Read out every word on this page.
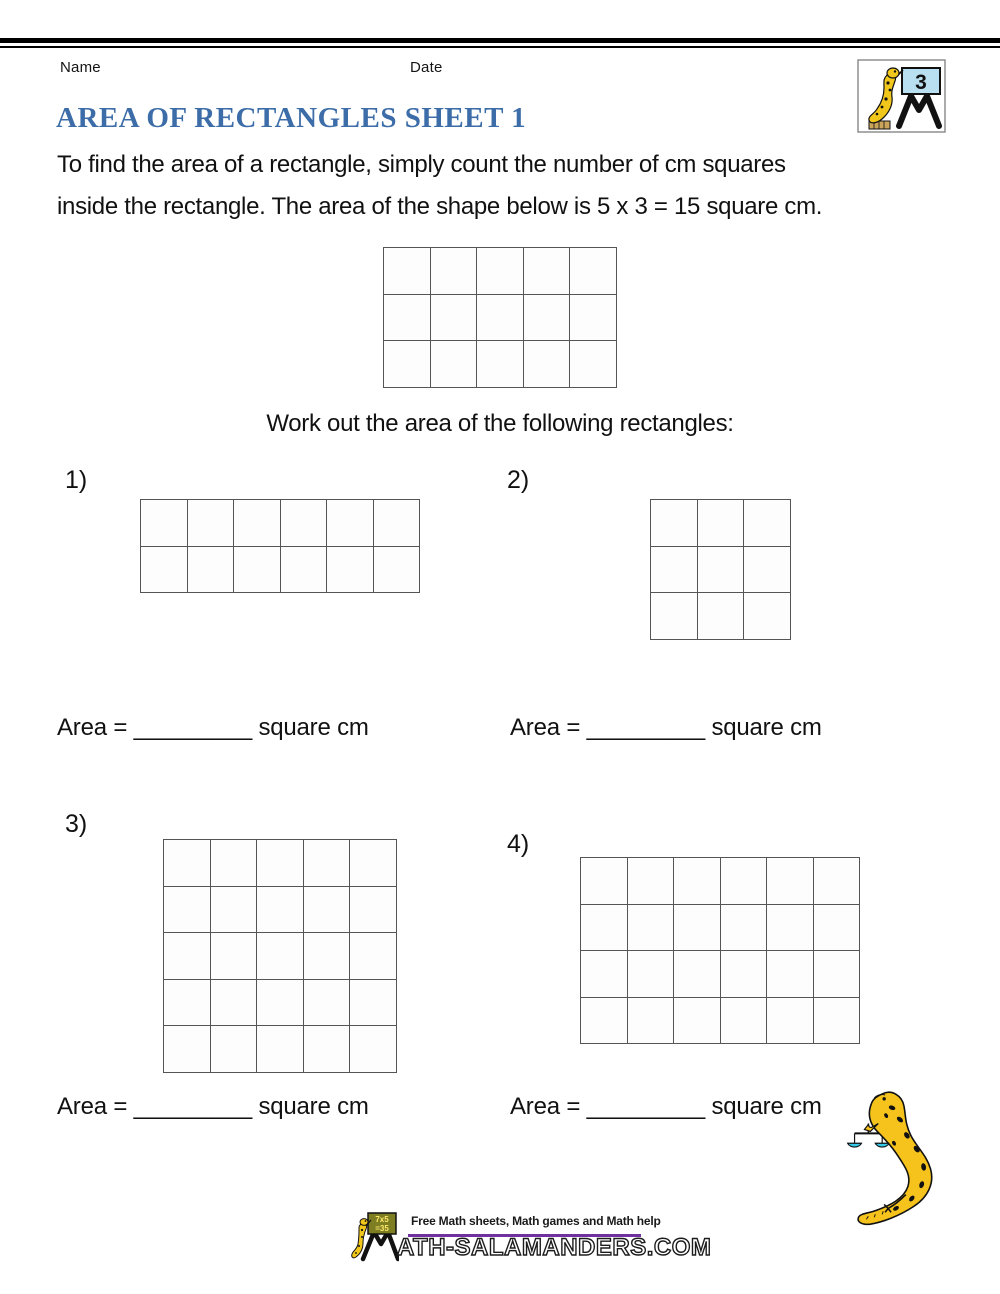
Name	Date
3
AREA OF RECTANGLES SHEET 1
To find the area of a rectangle, simply count the number of cm squares
inside the rectangle. The area of the shape below is 5 x 3 = 15 square cm.
Work out the area of the following rectangles:
1)	2)
3)
4)
Area = _________ square cm	Area = _________ square cm
Area = _________ square cm	Area = _________ square cm
7x5
=35
Free Math sheets, Math games and Math help
ATH-SALAMANDERS.COM
